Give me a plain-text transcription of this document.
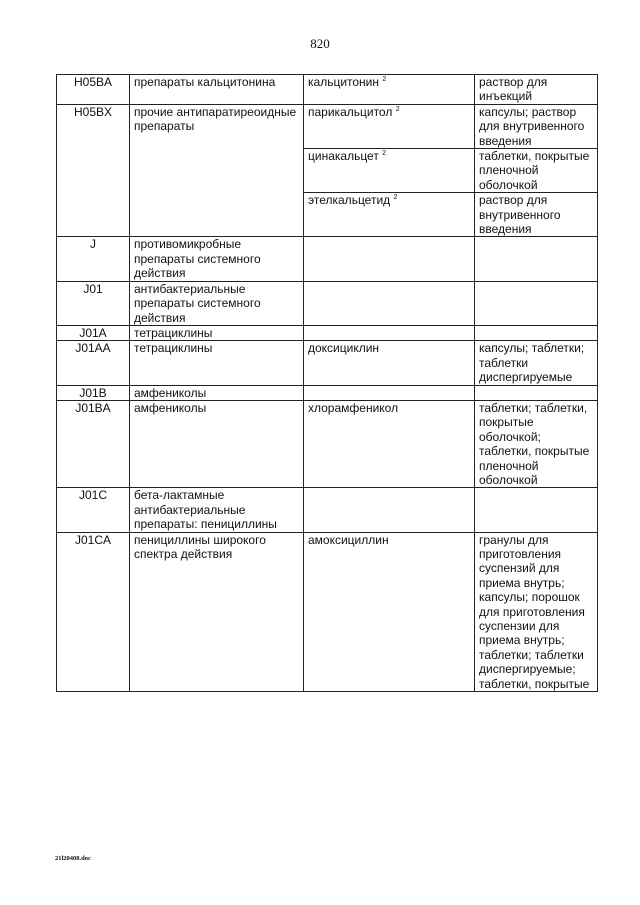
820
H05BA	препараты кальцитонина	кальцитонин $^2$	раствор для инъекций
H05BX	прочие антипаратиреоидные препараты	парикальцитол $^2$	капсулы; раствор для внутривенного введения
		цинакальцет $^2$	таблетки, покрытые пленочной оболочкой
		этелкальцетид $^2$	раствор для внутривенного введения
J	противомикробные препараты системного действия		
J01	антибактериальные препараты системного действия		
J01A	тетрациклины		
J01AA	тетрациклины	доксициклин	капсулы; таблетки; таблетки диспергируемые
J01B	амфениколы		
J01BA	амфениколы	хлорамфеникол	таблетки; таблетки, покрытые оболочкой; таблетки, покрытые пленочной оболочкой
J01C	бета-лактамные антибактериальные препараты: пенициллины		
J01CA	пенициллины широкого спектра действия	амоксициллин	гранулы для приготовления суспензий для приема внутрь; капсулы; порошок для приготовления суспензии для приема внутрь; таблетки; таблетки диспергируемые; таблетки, покрытые
21l20408.doc
